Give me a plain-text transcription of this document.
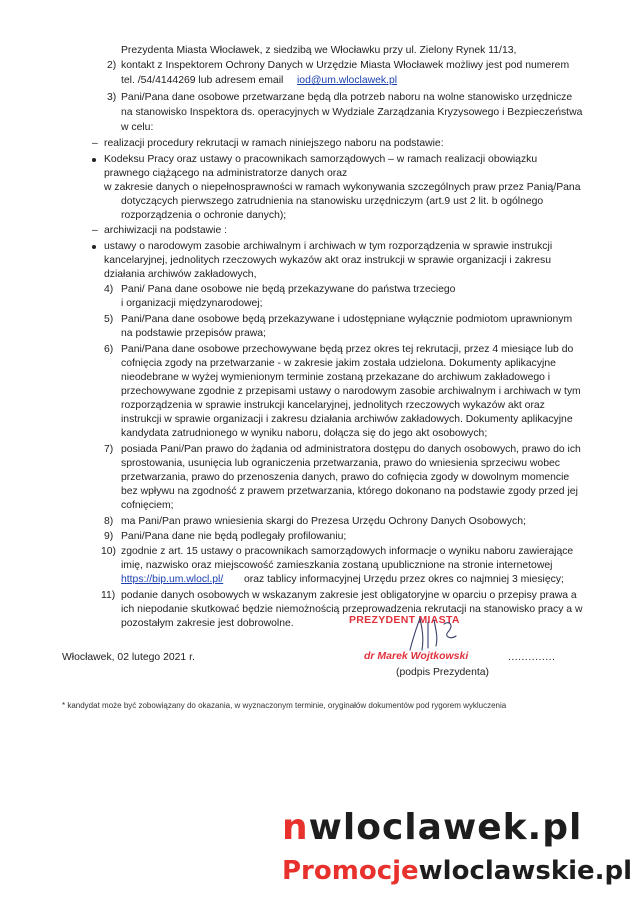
Prezydenta Miasta Włocławek, z siedzibą we Włocławku przy ul. Zielony Rynek 11/13,
2) kontakt z Inspektorem Ochrony Danych w Urzędzie Miasta Włocławek możliwy jest pod numerem
tel. /54/4144269 lub adresem email iod@um.wloclawek.pl
3) Pani/Pana dane osobowe przetwarzane będą dla potrzeb naboru na wolne stanowisko urzędnicze
na stanowisko Inspektora ds. operacyjnych w Wydziale Zarządzania Kryzysowego i Bezpieczeństwa
w celu:
– realizacji procedury rekrutacji w ramach niniejszego naboru na podstawie:
Kodeksu Pracy oraz ustawy o pracownikach samorządowych – w ramach realizacji obowiązku
prawnego ciążącego na administratorze danych oraz
w zakresie danych o niepełnosprawności w ramach wykonywania szczególnych praw przez Panią/Pana
dotyczących pierwszego zatrudnienia na stanowisku urzędniczym (art.9 ust 2 lit. b ogólnego
rozporządzenia o ochronie danych);
– archiwizacji na podstawie :
ustawy o narodowym zasobie archiwalnym i archiwach w tym rozporządzenia w sprawie instrukcji
kancelaryjnej, jednolitych rzeczowych wykazów akt oraz instrukcji w sprawie organizacji i zakresu
działania archiwów zakładowych,
4) Pani/ Pana dane osobowe nie będą przekazywane do państwa trzeciego
i organizacji międzynarodowej;
5) Pani/Pana dane osobowe będą przekazywane i udostępniane wyłącznie podmiotom uprawnionym
na podstawie przepisów prawa;
6) Pani/Pana dane osobowe przechowywane będą przez okres tej rekrutacji, przez 4 miesiące lub do
cofnięcia zgody na przetwarzanie - w zakresie jakim została udzielona. Dokumenty aplikacyjne
nieodebrane w wyżej wymienionym terminie zostaną przekazane do archiwum zakładowego i
przechowywane zgodnie z przepisami ustawy o narodowym zasobie archiwalnym i archiwach w tym
rozporządzenia w sprawie instrukcji kancelaryjnej, jednolitych rzeczowych wykazów akt oraz
instrukcji w sprawie organizacji i zakresu działania archiwów zakładowych. Dokumenty aplikacyjne
kandydata zatrudnionego w wyniku naboru, dołącza się do jego akt osobowych;
7) posiada Pani/Pan prawo do żądania od administratora dostępu do danych osobowych, prawo do ich
sprostowania, usunięcia lub ograniczenia przetwarzania, prawo do wniesienia sprzeciwu wobec
przetwarzania, prawo do przenoszenia danych, prawo do cofnięcia zgody w dowolnym momencie
bez wpływu na zgodność z prawem przetwarzania, którego dokonano na podstawie zgody przed jej
cofnięciem;
8) ma Pani/Pan prawo wniesienia skargi do Prezesa Urzędu Ochrony Danych Osobowych;
9) Pani/Pana dane nie będą podlegały profilowaniu;
10) zgodnie z art. 15 ustawy o pracownikach samorządowych informacje o wyniku naboru zawierające
imię, nazwisko oraz miejscowość zamieszkania zostaną upublicznione na stronie internetowej
https://bip.um.wlocl.pl/ oraz tablicy informacyjnej Urzędu przez okres co najmniej 3 miesięcy;
11) podanie danych osobowych w wskazanym zakresie jest obligatoryjne w oparciu o przepisy prawa a
ich niepodanie skutkować będzie niemożnością przeprowadzenia rekrutacji na stanowisko pracy a w
pozostałym zakresie jest dobrowolne.	PREZYDENT MIASTA
Włocławek, 02 lutego 2021 r.	dr Marek Wojtkowski	..............
(podpis Prezydenta)
* kandydat może być zobowiązany do okazania, w wyznaczonym terminie, oryginałów dokumentów pod rygorem wykluczenia
nwloclawek.pl
Promocjewloclawskie.pl
